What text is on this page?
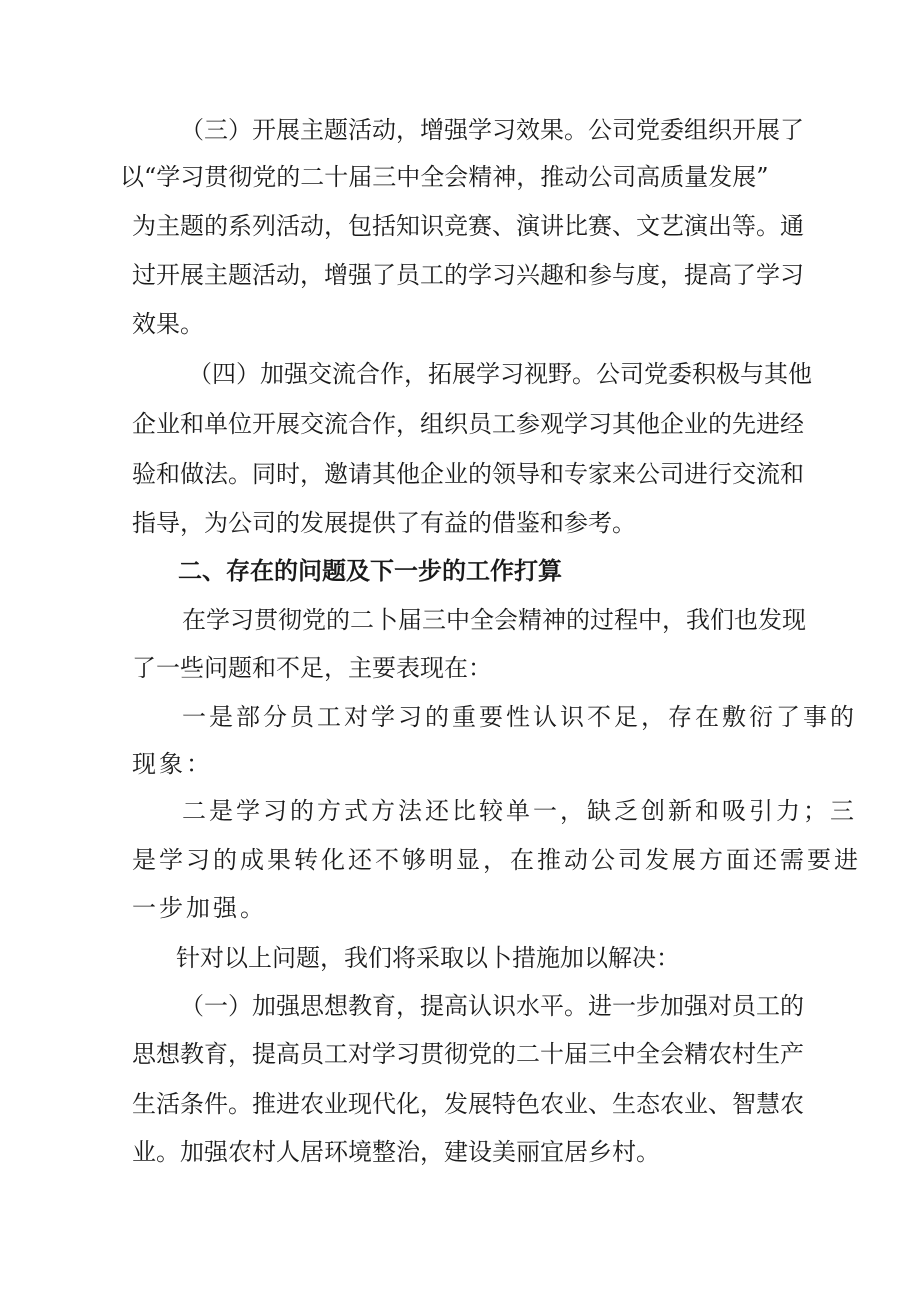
（三）开展主题活动，增强学习效果。公司党委组织开展了
以“学习贯彻党的二十届三中全会精神，推动公司高质量发展”
为主题的系列活动，包括知识竞赛、演讲比赛、文艺演出等。通
过开展主题活动，增强了员工的学习兴趣和参与度，提高了学习
效果。
（四）加强交流合作，拓展学习视野。公司党委积极与其他
企业和单位开展交流合作，组织员工参观学习其他企业的先进经
验和做法。同时，邀请其他企业的领导和专家来公司进行交流和
指导，为公司的发展提供了有益的借鉴和参考。
二、存在的问题及下一步的工作打算
在学习贯彻党的二卜届三中全会精神的过程中，我们也发现
了一些问题和不足，主要表现在：
一是部分员工对学习的重要性认识不足，存在敷衍了事的
现象：
二是学习的方式方法还比较单一，缺乏创新和吸引力；三
是学习的成果转化还不够明显，在推动公司发展方面还需要进
一步加强。
针对以上问题，我们将采取以卜措施加以解决：
（一）加强思想教育，提高认识水平。进一步加强对员工的
思想教育，提高员工对学习贯彻党的二十届三中全会精农村生产
生活条件。推进农业现代化，发展特色农业、生态农业、智慧农
业。加强农村人居环境整治，建设美丽宜居乡村。
